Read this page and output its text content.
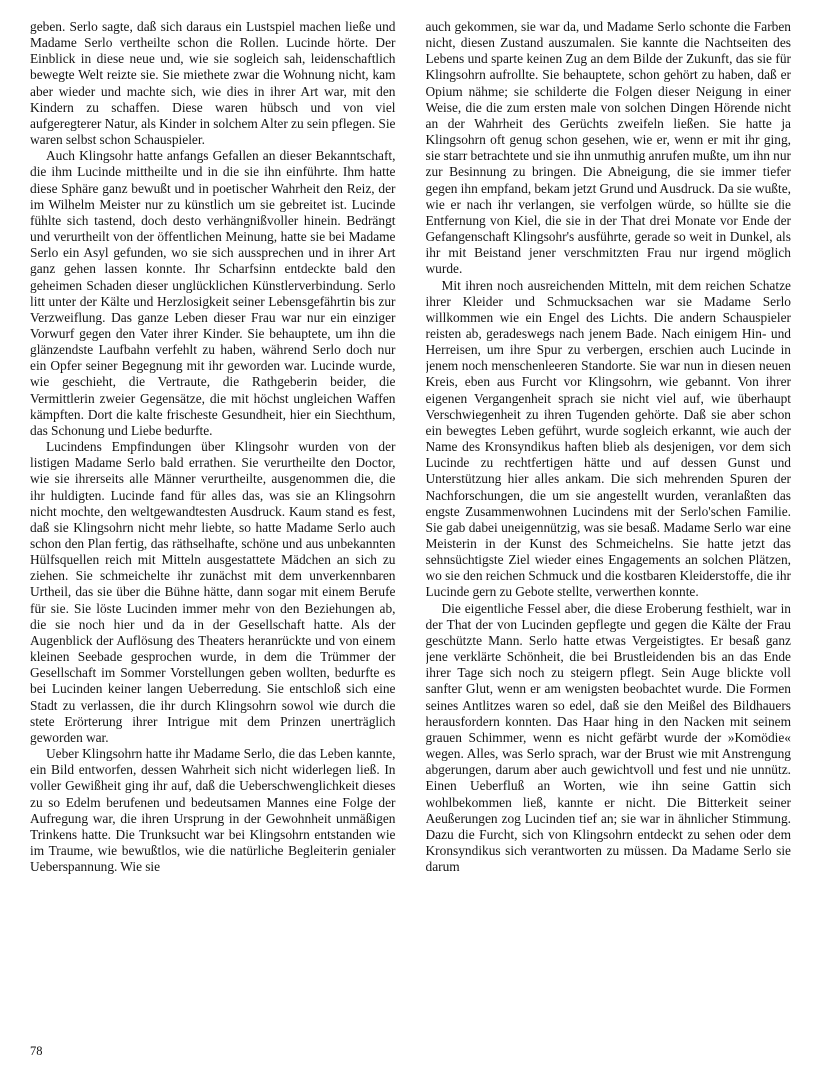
geben. Serlo sagte, daß sich daraus ein Lustspiel machen ließe und Madame Serlo vertheilte schon die Rollen. Lucinde hörte. Der Einblick in diese neue und, wie sie sogleich sah, leidenschaftlich bewegte Welt reizte sie. Sie miethete zwar die Wohnung nicht, kam aber wieder und machte sich, wie dies in ihrer Art war, mit den Kindern zu schaffen. Diese waren hübsch und von viel aufgeregterer Natur, als Kinder in solchem Alter zu sein pflegen. Sie waren selbst schon Schauspieler.

Auch Klingsohr hatte anfangs Gefallen an dieser Bekanntschaft, die ihm Lucinde mittheilte und in die sie ihn einführte. Ihm hatte diese Sphäre ganz bewußt und in poetischer Wahrheit den Reiz, der im Wilhelm Meister nur zu künstlich um sie gebreitet ist. Lucinde fühlte sich tastend, doch desto verhängnißvoller hinein. Bedrängt und verurtheilt von der öffentlichen Meinung, hatte sie bei Madame Serlo ein Asyl gefunden, wo sie sich aussprechen und in ihrer Art ganz gehen lassen konnte. Ihr Scharfsinn entdeckte bald den geheimen Schaden dieser unglücklichen Künstlerverbindung. Serlo litt unter der Kälte und Herzlosigkeit seiner Lebensgefährtin bis zur Verzweiflung. Das ganze Leben dieser Frau war nur ein einziger Vorwurf gegen den Vater ihrer Kinder. Sie behauptete, um ihn die glänzendste Laufbahn verfehlt zu haben, während Serlo doch nur ein Opfer seiner Begegnung mit ihr geworden war. Lucinde wurde, wie geschieht, die Vertraute, die Rathgeberin beider, die Vermittlerin zweier Gegensätze, die mit höchst ungleichen Waffen kämpften. Dort die kalte frischeste Gesundheit, hier ein Siechthum, das Schonung und Liebe bedurfte.

Lucindens Empfindungen über Klingsohr wurden von der listigen Madame Serlo bald errathen. Sie verurtheilte den Doctor, wie sie ihrerseits alle Männer verurtheilte, ausgenommen die, die ihr huldigten. Lucinde fand für alles das, was sie an Klingsohrn nicht mochte, den weltgewandtesten Ausdruck. Kaum stand es fest, daß sie Klingsohrn nicht mehr liebte, so hatte Madame Serlo auch schon den Plan fertig, das räthselhafte, schöne und aus unbekannten Hülfsquellen reich mit Mitteln ausgestattete Mädchen an sich zu ziehen. Sie schmeichelte ihr zunächst mit dem unverkennbaren Urtheil, das sie über die Bühne hätte, dann sogar mit einem Berufe für sie. Sie löste Lucinden immer mehr von den Beziehungen ab, die sie noch hier und da in der Gesellschaft hatte. Als der Augenblick der Auflösung des Theaters heranrückte und von einem kleinen Seebade gesprochen wurde, in dem die Trümmer der Gesellschaft im Sommer Vorstellungen geben wollten, bedurfte es bei Lucinden keiner langen Ueberredung. Sie entschloß sich eine Stadt zu verlassen, die ihr durch Klingsohrn sowol wie durch die stete Erörterung ihrer Intrigue mit dem Prinzen unerträglich geworden war.

Ueber Klingsohrn hatte ihr Madame Serlo, die das Leben kannte, ein Bild entworfen, dessen Wahrheit sich nicht widerlegen ließ. In voller Gewißheit ging ihr auf, daß die Ueberschwenglichkeit dieses zu so Edelm berufenen und bedeutsamen Mannes eine Folge der Aufregung war, die ihren Ursprung in der Gewohnheit unmäßigen Trinkens hatte. Die Trunksucht war bei Klingsohrn entstanden wie im Traume, wie bewußtlos, wie die natürliche Begleiterin genialer Ueberspannung. Wie sie

auch gekommen, sie war da, und Madame Serlo schonte die Farben nicht, diesen Zustand auszumalen. Sie kannte die Nachtseiten des Lebens und sparte keinen Zug an dem Bilde der Zukunft, das sie für Klingsohrn aufrollte. Sie behauptete, schon gehört zu haben, daß er Opium nähme; sie schilderte die Folgen dieser Neigung in einer Weise, die die zum ersten male von solchen Dingen Hörende nicht an der Wahrheit des Gerüchts zweifeln ließen. Sie hatte ja Klingsohrn oft genug schon gesehen, wie er, wenn er mit ihr ging, sie starr betrachtete und sie ihn unmuthig anrufen mußte, um ihn nur zur Besinnung zu bringen. Die Abneigung, die sie immer tiefer gegen ihn empfand, bekam jetzt Grund und Ausdruck. Da sie wußte, wie er nach ihr verlangen, sie verfolgen würde, so hüllte sie die Entfernung von Kiel, die sie in der That drei Monate vor Ende der Gefangenschaft Klingsohr's ausführte, gerade so weit in Dunkel, als ihr mit Beistand jener verschmitzten Frau nur irgend möglich wurde.

Mit ihren noch ausreichenden Mitteln, mit dem reichen Schatze ihrer Kleider und Schmucksachen war sie Madame Serlo willkommen wie ein Engel des Lichts. Die andern Schauspieler reisten ab, geradeswegs nach jenem Bade. Nach einigem Hin- und Herreisen, um ihre Spur zu verbergen, erschien auch Lucinde in jenem noch menschenleeren Standorte. Sie war nun in diesen neuen Kreis, eben aus Furcht vor Klingsohrn, wie gebannt. Von ihrer eigenen Vergangenheit sprach sie nicht viel auf, wie überhaupt Verschwiegenheit zu ihren Tugenden gehörte. Daß sie aber schon ein bewegtes Leben geführt, wurde sogleich erkannt, wie auch der Name des Kronsyndikus haften blieb als desjenigen, vor dem sich Lucinde zu rechtfertigen hätte und auf dessen Gunst und Unterstützung hier alles ankam. Die sich mehrenden Spuren der Nachforschungen, die um sie angestellt wurden, veranlaßten das engste Zusammenwohnen Lucindens mit der Serlo'schen Familie. Sie gab dabei uneigennützig, was sie besaß. Madame Serlo war eine Meisterin in der Kunst des Schmeichelns. Sie hatte jetzt das sehnsüchtigste Ziel wieder eines Engagements an solchen Plätzen, wo sie den reichen Schmuck und die kostbaren Kleiderstoffe, die ihr Lucinde gern zu Gebote stellte, verwerthen konnte.

Die eigentliche Fessel aber, die diese Eroberung festhielt, war in der That der von Lucinden gepflegte und gegen die Kälte der Frau geschützte Mann. Serlo hatte etwas Vergeistigtes. Er besaß ganz jene verklärte Schönheit, die bei Brustleidenden bis an das Ende ihrer Tage sich noch zu steigern pflegt. Sein Auge blickte voll sanfter Glut, wenn er am wenigsten beobachtet wurde. Die Formen seines Antlitzes waren so edel, daß sie den Meißel des Bildhauers herausfordern konnten. Das Haar hing in den Nacken mit seinem grauen Schimmer, wenn es nicht gefärbt wurde der »Komödie« wegen. Alles, was Serlo sprach, war der Brust wie mit Anstrengung abgerungen, darum aber auch gewichtvoll und fest und nie unnütz. Einen Ueberfluß an Worten, wie ihn seine Gattin sich wohlbekommen ließ, kannte er nicht. Die Bitterkeit seiner Aeußerungen zog Lucinden tief an; sie war in ähnlicher Stimmung. Dazu die Furcht, sich von Klingsohrn entdeckt zu sehen oder dem Kronsyndikus sich verantworten zu müssen. Da Madame Serlo sie darum

78
